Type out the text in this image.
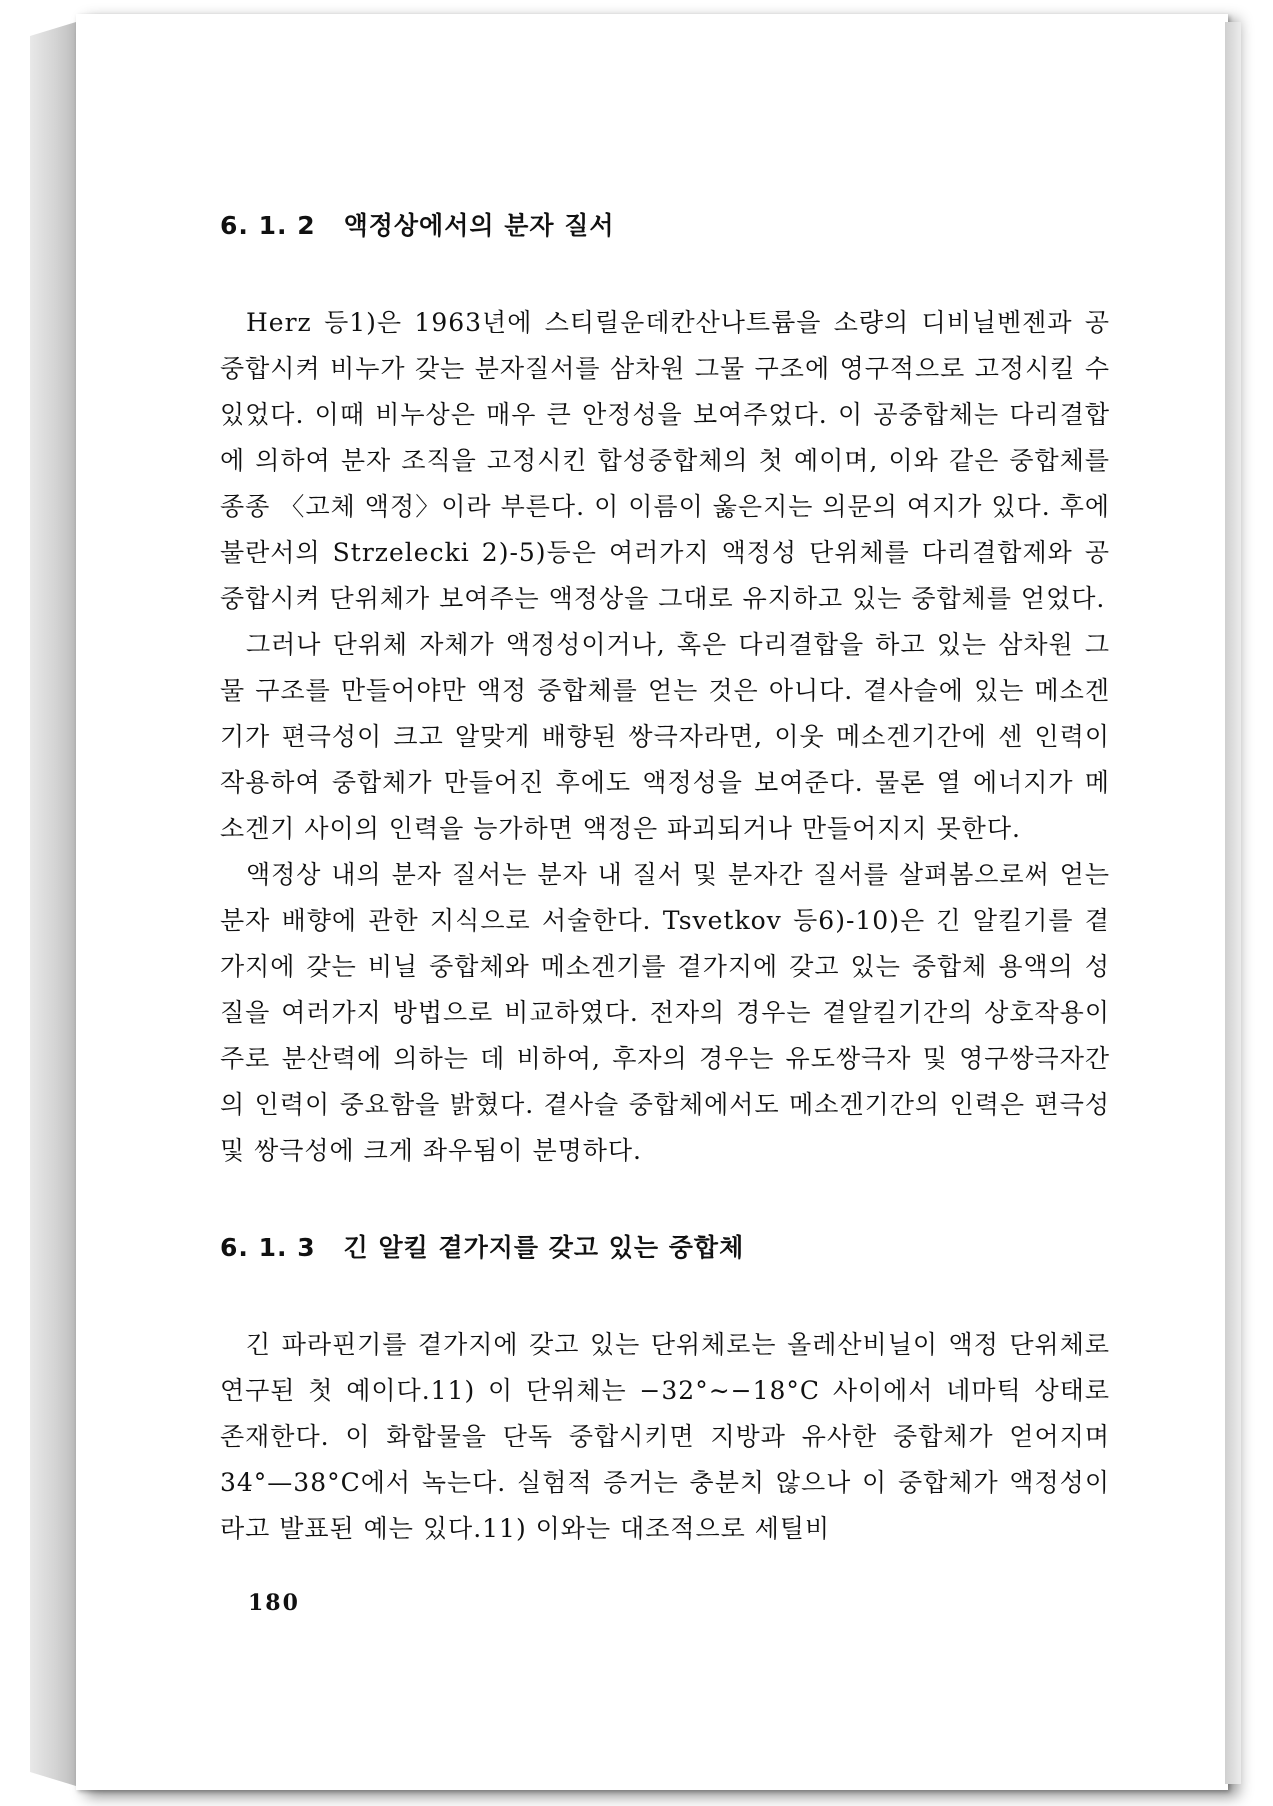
6. 1. 2 액정상에서의 분자 질서

Herz 등1)은 1963년에 스티릴운데칸산나트륨을 소량의 디비닐벤젠과 공중합시켜 비누가 갖는 분자질서를 삼차원 그물 구조에 영구적으로 고정시킬 수 있었다. 이때 비누상은 매우 큰 안정성을 보여주었다. 이 공중합체는 다리결합에 의하여 분자 조직을 고정시킨 합성중합체의 첫 예이며, 이와 같은 중합체를 종종 〈고체 액정〉이라 부른다. 이 이름이 옳은지는 의문의 여지가 있다. 후에 불란서의 Strzelecki 2)-5)등은 여러가지 액정성 단위체를 다리결합제와 공중합시켜 단위체가 보여주는 액정상을 그대로 유지하고 있는 중합체를 얻었다.

그러나 단위체 자체가 액정성이거나, 혹은 다리결합을 하고 있는 삼차원 그물 구조를 만들어야만 액정 중합체를 얻는 것은 아니다. 곁사슬에 있는 메소겐기가 편극성이 크고 알맞게 배향된 쌍극자라면, 이웃 메소겐기간에 센 인력이 작용하여 중합체가 만들어진 후에도 액정성을 보여준다. 물론 열 에너지가 메소겐기 사이의 인력을 능가하면 액정은 파괴되거나 만들어지지 못한다.

액정상 내의 분자 질서는 분자 내 질서 및 분자간 질서를 살펴봄으로써 얻는 분자 배향에 관한 지식으로 서술한다. Tsvetkov 등6)-10)은 긴 알킬기를 곁가지에 갖는 비닐 중합체와 메소겐기를 곁가지에 갖고 있는 중합체 용액의 성질을 여러가지 방법으로 비교하였다. 전자의 경우는 곁알킬기간의 상호작용이 주로 분산력에 의하는 데 비하여, 후자의 경우는 유도쌍극자 및 영구쌍극자간의 인력이 중요함을 밝혔다. 곁사슬 중합체에서도 메소겐기간의 인력은 편극성 및 쌍극성에 크게 좌우됨이 분명하다.

6. 1. 3 긴 알킬 곁가지를 갖고 있는 중합체

긴 파라핀기를 곁가지에 갖고 있는 단위체로는 올레산비닐이 액정 단위체로 연구된 첫 예이다.11) 이 단위체는 −32°∼−18°C 사이에서 네마틱 상태로 존재한다. 이 화합물을 단독 중합시키면 지방과 유사한 중합체가 얻어지며 34°—38°C에서 녹는다. 실험적 증거는 충분치 않으나 이 중합체가 액정성이라고 발표된 예는 있다.11) 이와는 대조적으로 세틸비

180
